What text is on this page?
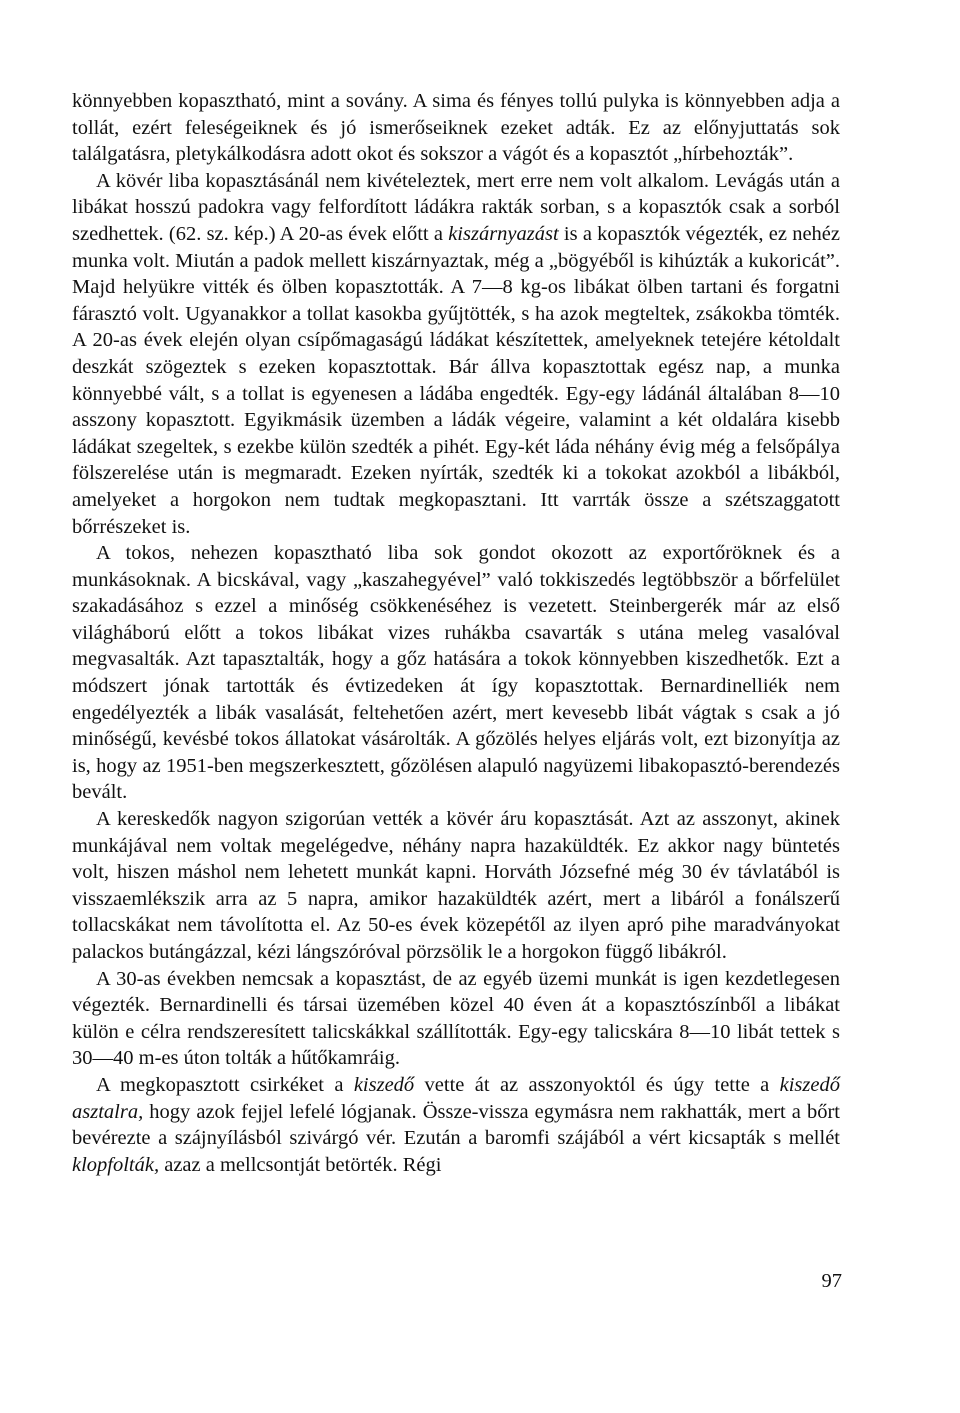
könnyebben kopasztható, mint a sovány. A sima és fényes tollú pulyka is könnyebben adja a tollát, ezért feleségeiknek és jó ismerőseiknek ezeket adták. Ez az előnyjuttatás sok találgatásra, pletykálkodásra adott okot és sokszor a vágót és a kopasztót „hírbehozták”.

A kövér liba kopasztásánál nem kivételeztek, mert erre nem volt alkalom. Levágás után a libákat hosszú padokra vagy felfordított ládákra rakták sorban, s a kopasztók csak a sorból szedhettek. (62. sz. kép.) A 20-as évek előtt a kiszárnyazást is a kopasztók végezték, ez nehéz munka volt. Miután a padok mellett kiszárnyaztak, még a „bögyéből is kihúzták a kukoricát”. Majd helyükre vitték és ölben kopasztották. A 7—8 kg-os libákat ölben tartani és forgatni fárasztó volt. Ugyanakkor a tollat kasokba gyűjtötték, s ha azok megteltek, zsákokba tömték. A 20-as évek elején olyan csípőmagaságú ládákat készítettek, amelyeknek tetejére kétoldalt deszkát szögeztek s ezeken kopasztottak. Bár állva kopasztottak egész nap, a munka könnyebbé vált, s a tollat is egyenesen a ládába engedték. Egy-egy ládánál általában 8—10 asszony kopasztott. Egyikmásik üzemben a ládák végeire, valamint a két oldalára kisebb ládákat szegeltek, s ezekbe külön szedték a pihét. Egy-két láda néhány évig még a felsőpálya fölszerelése után is megmaradt. Ezeken nyírták, szedték ki a tokokat azokból a libákból, amelyeket a horgokon nem tudtak megkopasztani. Itt varrták össze a szétszaggatott bőrrészeket is.

A tokos, nehezen kopasztható liba sok gondot okozott az exportőröknek és a munkásoknak. A bicskával, vagy „kaszahegyével” való tokkiszedés legtöbbször a bőrfelület szakadásához s ezzel a minőség csökkenéséhez is vezetett. Steinbergerék már az első világháború előtt a tokos libákat vizes ruhákba csavarták s utána meleg vasalóval megvasalták. Azt tapasztalták, hogy a gőz hatására a tokok könnyebben kiszedhetők. Ezt a módszert jónak tartották és évtizedeken át így kopasztottak. Bernardinelliék nem engedélyezték a libák vasalását, feltehetően azért, mert kevesebb libát vágtak s csak a jó minőségű, kevésbé tokos állatokat vásárolták. A gőzölés helyes eljárás volt, ezt bizonyítja az is, hogy az 1951-ben megszerkesztett, gőzölésen alapuló nagyüzemi libakopasztó-berendezés bevált.

A kereskedők nagyon szigorúan vették a kövér áru kopasztását. Azt az asszonyt, akinek munkájával nem voltak megelégedve, néhány napra hazaküldték. Ez akkor nagy büntetés volt, hiszen máshol nem lehetett munkát kapni. Horváth Józsefné még 30 év távlatából is visszaemlékszik arra az 5 napra, amikor hazaküldték azért, mert a libáról a fonálszerű tollacskákat nem távolította el. Az 50-es évek közepétől az ilyen apró pihe maradványokat palackos butángázzal, kézi lángszóróval pörzsölik le a horgokon függő libákról.

A 30-as években nemcsak a kopasztást, de az egyéb üzemi munkát is igen kezdetlegesen végezték. Bernardinelli és társai üzemében közel 40 éven át a kopasztószínből a libákat külön e célra rendszeresített talicskákkal szállították. Egy-egy talicskára 8—10 libát tettek s 30—40 m-es úton tolták a hűtőkamráig.

A megkopasztott csirkéket a kiszedő vette át az asszonyoktól és úgy tette a kiszedő asztalra, hogy azok fejjel lefelé lógjanak. Össze-vissza egymásra nem rakhatták, mert a bőrt bevérezte a szájnyílásból szivárgó vér. Ezután a baromfi szájából a vért kicsapták s mellét klopfolták, azaz a mellcsontját betörték. Régi

97
